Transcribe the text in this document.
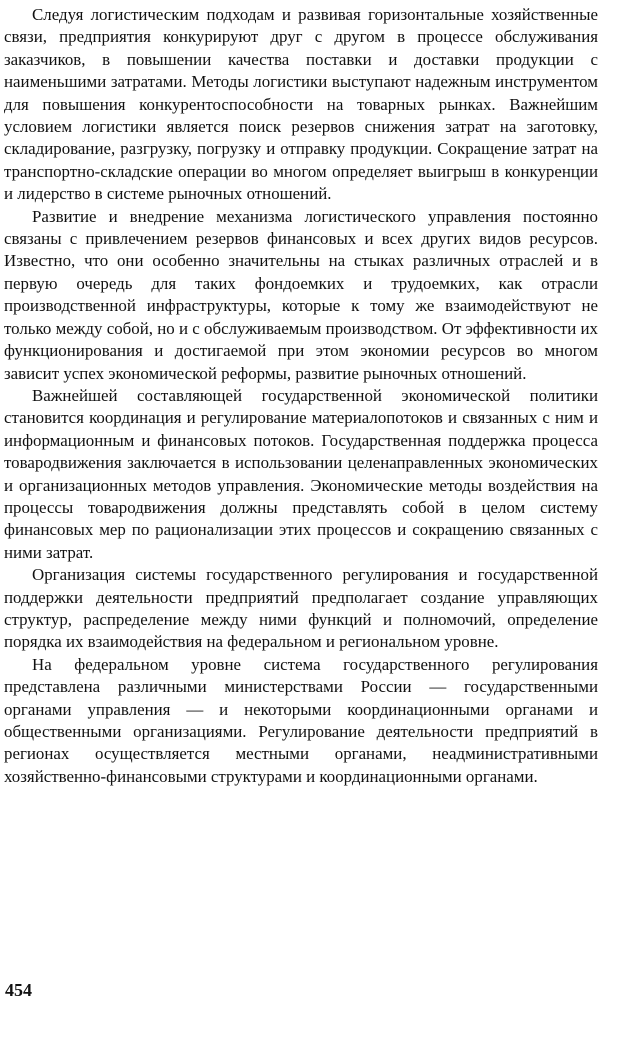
Следуя логистическим подходам и развивая горизонтальные хозяйственные связи, предприятия конкурируют друг с другом в процессе обслуживания заказчиков, в повышении качества поставки и доставки продукции с наименьшими затратами. Методы логистики выступают надежным инструментом для повышения конкурентоспособности на товарных рынках. Важнейшим условием логистики является поиск резервов снижения затрат на заготовку, складирование, разгрузку, погрузку и отправку продукции. Сокращение затрат на транспортно-складские операции во многом определяет выигрыш в конкуренции и лидерство в системе рыночных отношений.

Развитие и внедрение механизма логистического управления постоянно связаны с привлечением резервов финансовых и всех других видов ресурсов. Известно, что они особенно значительны на стыках различных отраслей и в первую очередь для таких фондоемких и трудоемких, как отрасли производственной инфраструктуры, которые к тому же взаимодействуют не только между собой, но и с обслуживаемым производством. От эффективности их функционирования и достигаемой при этом экономии ресурсов во многом зависит успех экономической реформы, развитие рыночных отношений.

Важнейшей составляющей государственной экономической политики становится координация и регулирование материалопотоков и связанных с ним и информационным и финансовых потоков. Государственная поддержка процесса товародвижения заключается в использовании целенаправленных экономических и организационных методов управления. Экономические методы воздействия на процессы товародвижения должны представлять собой в целом систему финансовых мер по рационализации этих процессов и сокращению связанных с ними затрат.

Организация системы государственного регулирования и государственной поддержки деятельности предприятий предполагает создание управляющих структур, распределение между ними функций и полномочий, определение порядка их взаимодействия на федеральном и региональном уровне.

На федеральном уровне система государственного регулирования представлена различными министерствами России — государственными органами управления — и некоторыми координационными органами и общественными организациями. Регулирование деятельности предприятий в регионах осуществляется местными органами, неадминистративными хозяйственно-финансовыми структурами и координационными органами.

454
